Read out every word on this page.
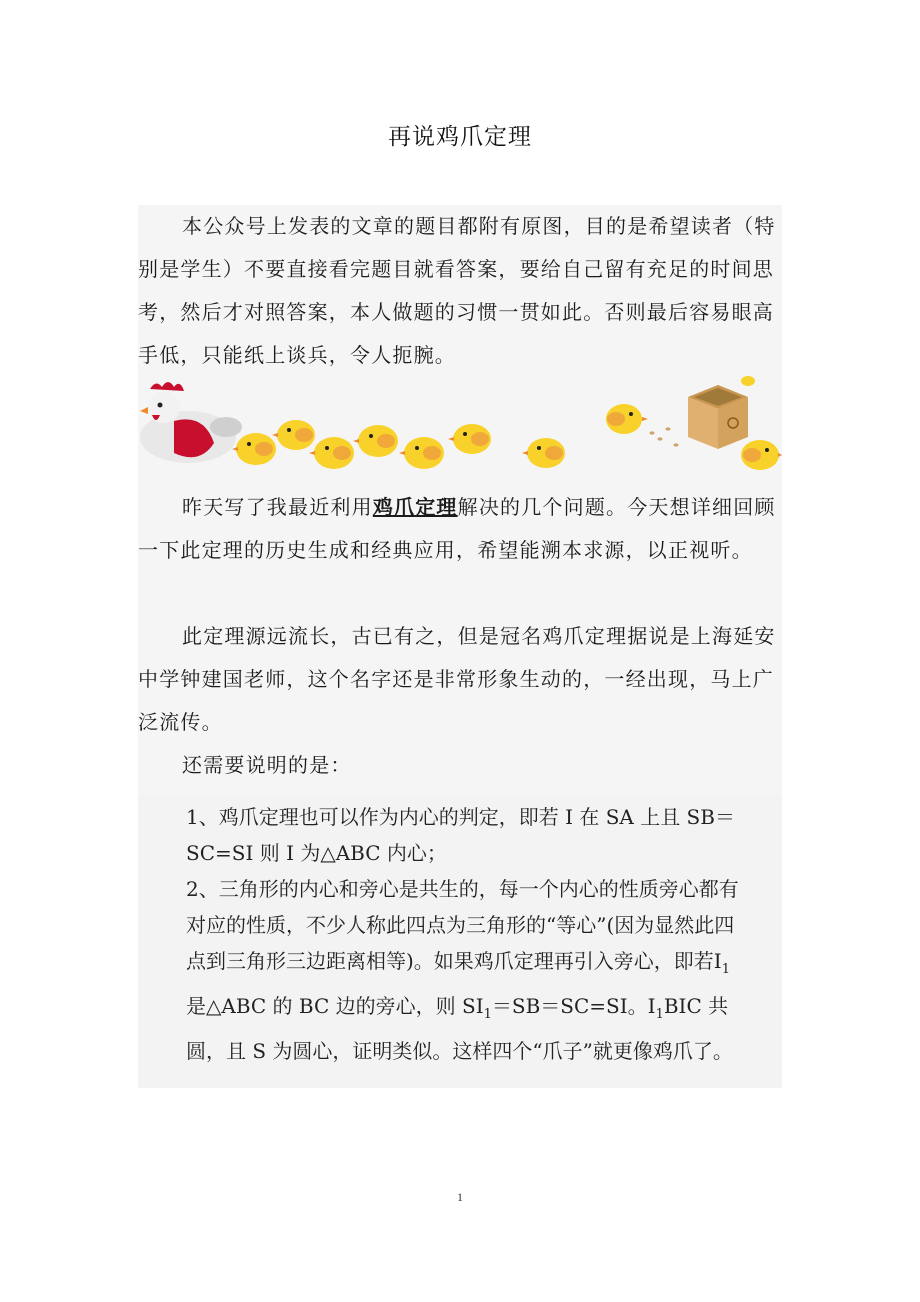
再说鸡爪定理

本公众号上发表的文章的题目都附有原图，目的是希望读者（特别是学生）不要直接看完题目就看答案，要给自己留有充足的时间思考，然后才对照答案，本人做题的习惯一贯如此。否则最后容易眼高手低，只能纸上谈兵，令人扼腕。

昨天写了我最近利用鸡爪定理解决的几个问题。今天想详细回顾一下此定理的历史生成和经典应用，希望能溯本求源，以正视听。

此定理源远流长，古已有之，但是冠名鸡爪定理据说是上海延安中学钟建国老师，这个名字还是非常形象生动的，一经出现，马上广泛流传。

还需要说明的是：

1、鸡爪定理也可以作为内心的判定，即若 I 在 SA 上且 SB＝SC=SI 则 I 为△ABC 内心；

2、三角形的内心和旁心是共生的，每一个内心的性质旁心都有对应的性质，不少人称此四点为三角形的“等心”(因为显然此四点到三角形三边距离相等)。如果鸡爪定理再引入旁心，即若$I_1$是△ABC 的 BC 边的旁心，则 $SI_1=SB=SC=SI$。$I_1BIC$ 共圆，且 S 为圆心，证明类似。这样四个“爪子”就更像鸡爪了。

1
